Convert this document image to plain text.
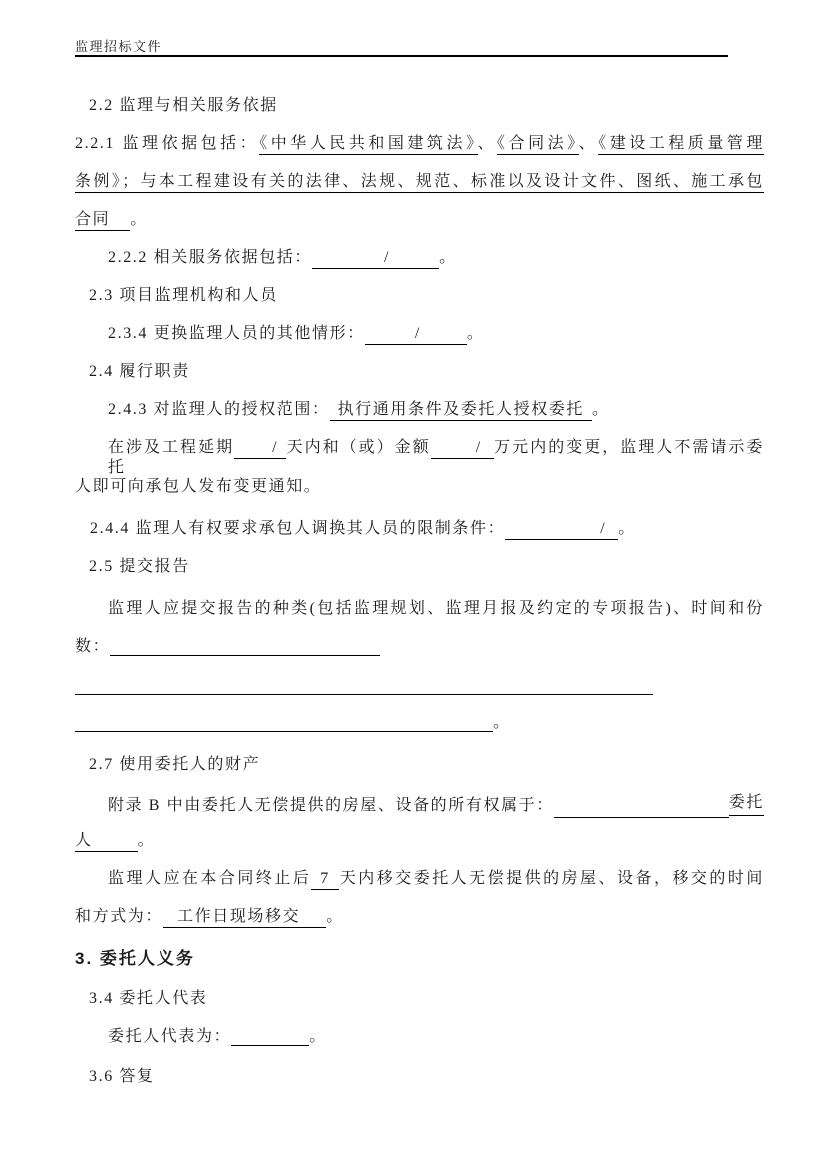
监理招标文件
2.2 监理与相关服务依据
2.2.1 监理依据包括：《中华人民共和国建筑法》、《合同法》、《建设工程质量管理
条例》；与本工程建设有关的法律、法规、规范、标准以及设计文件、图纸、施工承包
合同 。
2.2.2 相关服务依据包括：	/	。
2.3 项目监理机构和人员
2.3.4 更换监理人员的其他情形：	/	。
2.4 履行职责
2.4.3 对监理人的授权范围： 执行通用条件及委托人授权委托 。
在涉及工程延期 / 天内和（或）金额	/ 万元内的变更，监理人不需请示委托
人即可向承包人发布变更通知。
2.4.4 监理人有权要求承包人调换其人员的限制条件：	/ 。
2.5 提交报告
监理人应提交报告的种类(包括监理规划、监理月报及约定的专项报告)、时间和份
数：
。
2.7 使用委托人的财产
附录 B 中由委托人无偿提供的房屋、设备的所有权属于：	委托
人	。
监理人应在本合同终止后 7 天内移交委托人无偿提供的房屋、设备，移交的时间
和方式为： 工作日现场移交 。
3. 委托人义务
3.4 委托人代表
委托人代表为：	。
3.6 答复
